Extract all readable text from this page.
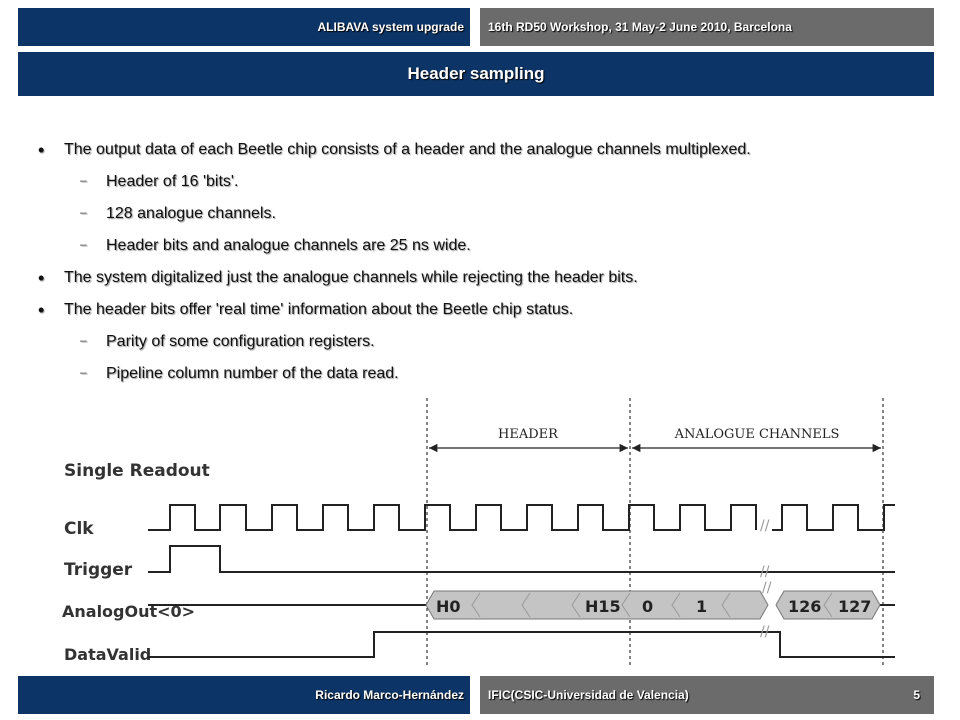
ALIBAVA system upgrade	16th RD50 Workshop, 31 May-2 June 2010, Barcelona
Header sampling
• The output data of each Beetle chip consists of a header and the analogue channels multiplexed.
– Header of 16 'bits'.
– 128 analogue channels.
– Header bits and analogue channels are 25 ns wide.
• The system digitalized just the analogue channels while rejecting the header bits.
• The header bits offer 'real time' information about the Beetle chip status.
– Parity of some configuration registers.
– Pipeline column number of the data read.
HEADER	ANALOGUE CHANNELS
Single Readout
Clk
Trigger
AnalogOut<0>
DataValid
//
//
H0	H15 0	1	126 127
//
//
Ricardo Marco-Hernández	IFIC(CSIC-Universidad de Valencia)	5
